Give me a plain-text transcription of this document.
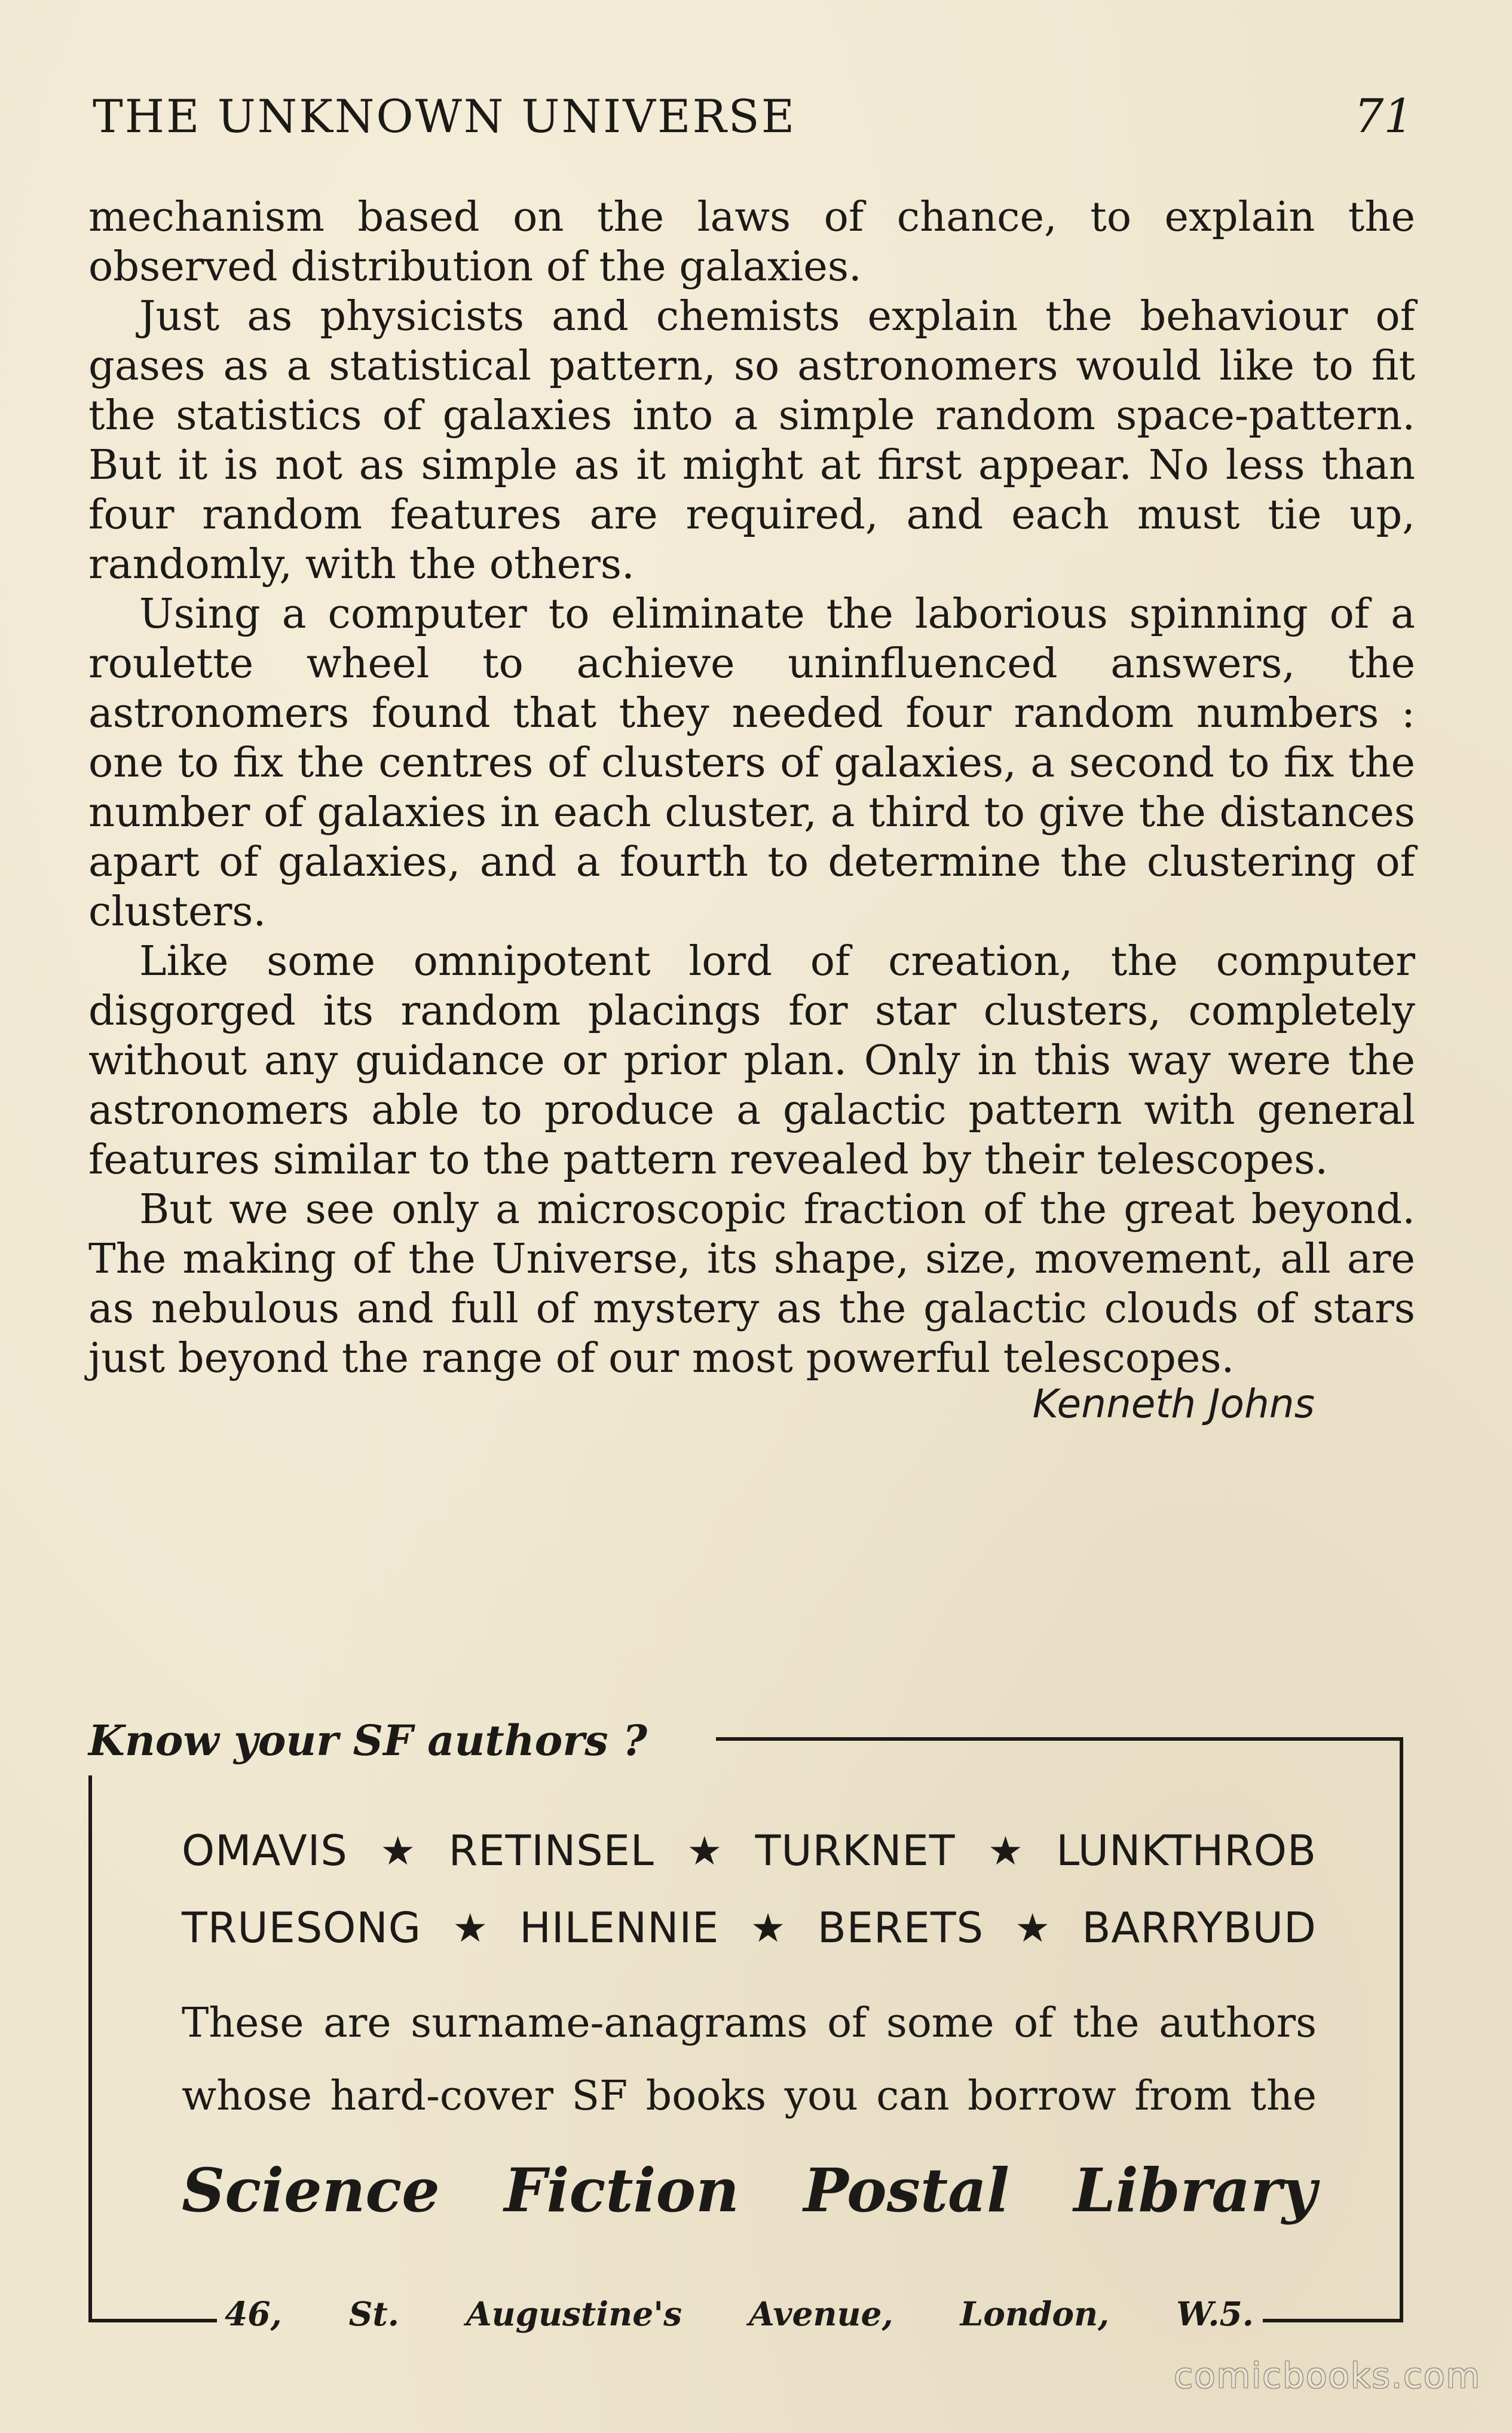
THE UNKNOWN UNIVERSE	71

mechanism based on the laws of chance, to explain the observed distribution of the galaxies.

Just as physicists and chemists explain the behaviour of gases as a statistical pattern, so astronomers would like to fit the statistics of galaxies into a simple random space-pattern. But it is not as simple as it might at first appear. No less than four random features are required, and each must tie up, randomly, with the others.

Using a computer to eliminate the laborious spinning of a roulette wheel to achieve uninfluenced answers, the astronomers found that they needed four random numbers : one to fix the centres of clusters of galaxies, a second to fix the number of galaxies in each cluster, a third to give the distances apart of galaxies, and a fourth to determine the clustering of clusters.

Like some omnipotent lord of creation, the computer disgorged its random placings for star clusters, completely without any guidance or prior plan. Only in this way were the astronomers able to produce a galactic pattern with general features similar to the pattern revealed by their telescopes.

But we see only a microscopic fraction of the great beyond. The making of the Universe, its shape, size, movement, all are as nebulous and full of mystery as the galactic clouds of stars just beyond the range of our most powerful telescopes.

Kenneth Johns
Know your SF authors ?
OMAVIS ★ RETINSEL ★ TURKNET ★ LUNKTHROB
TRUESONG ★ HILENNIE ★ BERETS ★ BARRYBUD
These are surname-anagrams of some of the authors
whose hard-cover SF books you can borrow from the
Science Fiction Postal Library
46, St. Augustine's Avenue, London, W.5.
comicbooks.com
